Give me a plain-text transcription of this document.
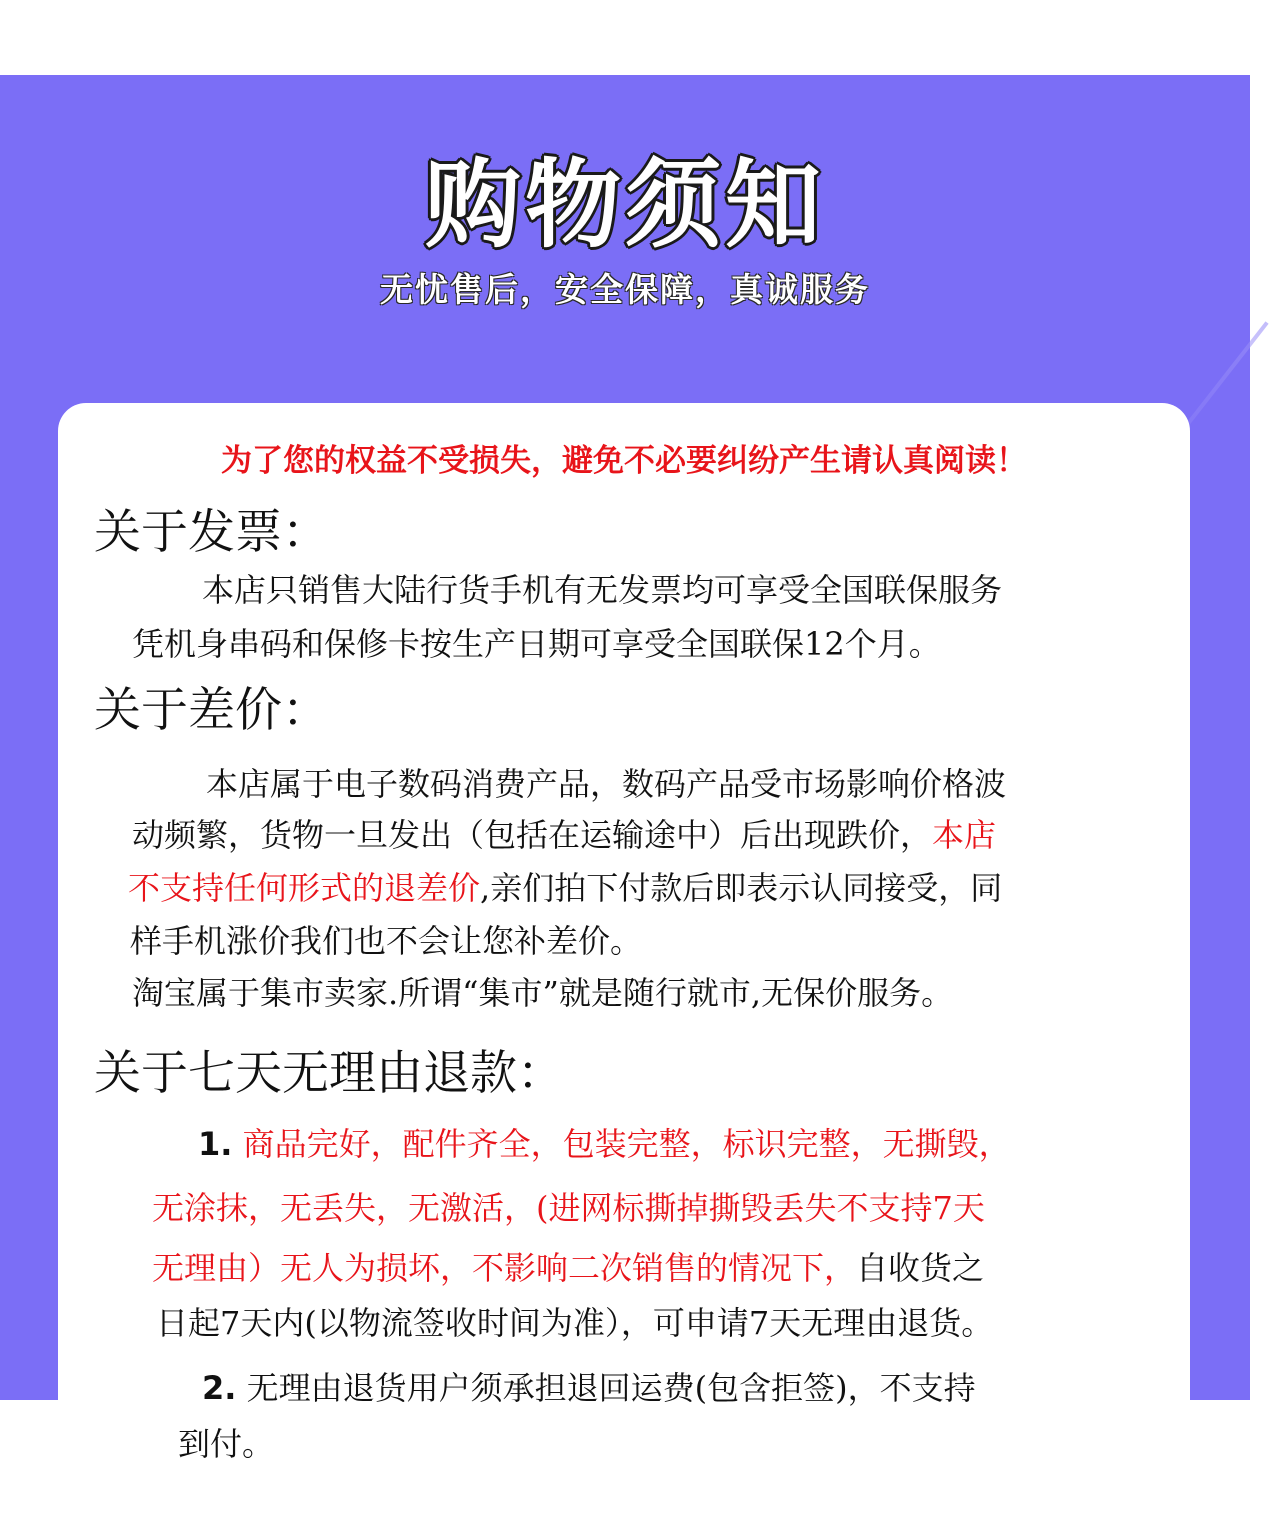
购物须知
无忧售后，安全保障，真诚服务
为了您的权益不受损失，避免不必要纠纷产生请认真阅读！
关于发票：
本店只销售大陆行货手机有无发票均可享受全国联保服务
凭机身串码和保修卡按生产日期可享受全国联保12个月。
关于差价：
本店属于电子数码消费产品，数码产品受市场影响价格波
动频繁，货物一旦发出（包括在运输途中）后出现跌价，本店
不支持任何形式的退差价,亲们拍下付款后即表示认同接受，同
样手机涨价我们也不会让您补差价。
淘宝属于集市卖家.所谓“集市”就是随行就市,无保价服务。
关于七天无理由退款：
1. 商品完好，配件齐全，包装完整，标识完整，无撕毁，
无涂抹，无丢失，无激活，(进网标撕掉撕毁丢失不支持7天
无理由）无人为损坏，不影响二次销售的情况下，自收货之
日起7天内(以物流签收时间为准），可申请7天无理由退货。
2. 无理由退货用户须承担退回运费(包含拒签)，不支持
到付。
